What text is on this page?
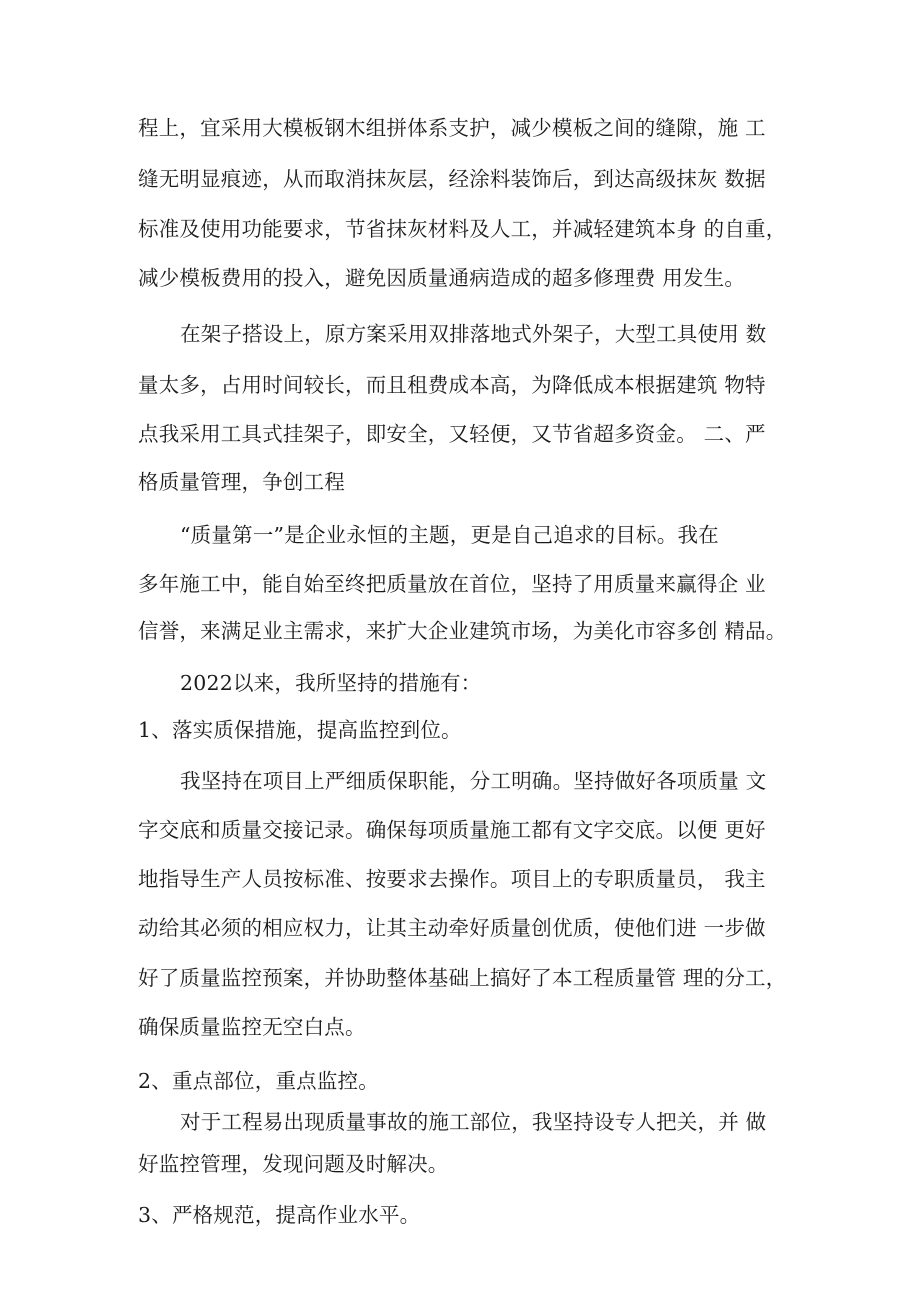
程上，宜采用大模板钢木组拼体系支护，减少模板之间的缝隙，施 工
缝无明显痕迹，从而取消抹灰层，经涂料装饰后，到达高级抹灰 数据
标准及使用功能要求，节省抹灰材料及人工，并减轻建筑本身 的自重，
减少模板费用的投入，避免因质量通病造成的超多修理费 用发生。
在架子搭设上，原方案采用双排落地式外架子，大型工具使用 数
量太多，占用时间较长，而且租费成本高，为降低成本根据建筑 物特
点我采用工具式挂架子，即安全，又轻便，又节省超多资金。 二、严
格质量管理，争创工程
“质量第一”是企业永恒的主题，更是自己追求的目标。我在
多年施工中，能自始至终把质量放在首位，坚持了用质量来赢得企 业
信誉，来满足业主需求，来扩大企业建筑市场，为美化市容多创 精品。
2022以来，我所坚持的措施有：
1、落实质保措施，提高监控到位。
我坚持在项目上严细质保职能，分工明确。坚持做好各项质量 文
字交底和质量交接记录。确保每项质量施工都有文字交底。以便 更好
地指导生产人员按标准、按要求去操作。项目上的专职质量员， 我主
动给其必须的相应权力，让其主动牵好质量创优质，使他们进 一步做
好了质量监控预案，并协助整体基础上搞好了本工程质量管 理的分工，
确保质量监控无空白点。
2、重点部位，重点监控。
对于工程易出现质量事故的施工部位，我坚持设专人把关，并 做
好监控管理，发现问题及时解决。
3、严格规范，提高作业水平。
